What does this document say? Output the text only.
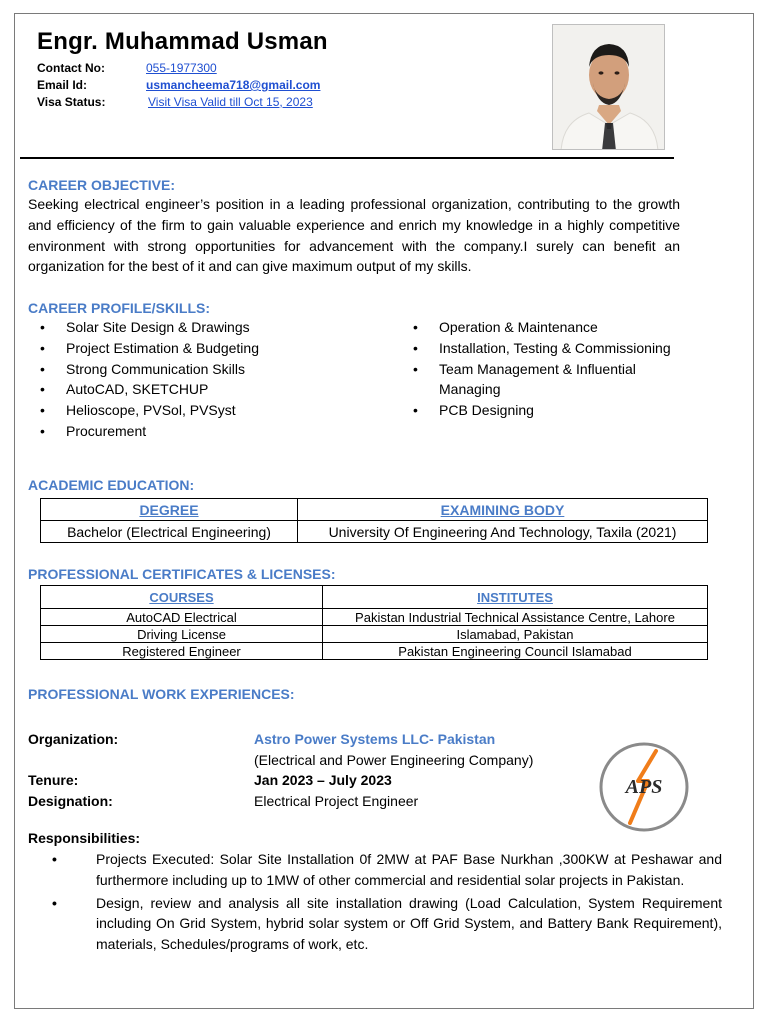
Engr. Muhammad Usman
Contact No:	055-1977300
Email Id:	usmancheema718@gmail.com
Visa Status:	Visit Visa Valid till Oct 15, 2023
CAREER OBJECTIVE:
Seeking electrical engineer’s position in a leading professional organization, contributing to the growth and efficiency of the firm to gain valuable experience and enrich my knowledge in a highly competitive environment with strong opportunities for advancement with the company.I surely can benefit an organization for the best of it and can give maximum output of my skills.
CAREER PROFILE/SKILLS:
• Solar Site Design & Drawings
• Project Estimation & Budgeting
• Strong Communication Skills
• AutoCAD, SKETCHUP
• Helioscope, PVSol, PVSyst
• Procurement
• Operation & Maintenance
• Installation, Testing & Commissioning
• Team Management & Influential Managing
• PCB Designing
ACADEMIC EDUCATION:
DEGREE	EXAMINING BODY
Bachelor (Electrical Engineering)	University Of Engineering And Technology, Taxila (2021)
PROFESSIONAL CERTIFICATES & LICENSES:
COURSES	INSTITUTES
AutoCAD Electrical	Pakistan Industrial Technical Assistance Centre, Lahore
Driving License	Islamabad, Pakistan
Registered Engineer	Pakistan Engineering Council Islamabad
PROFESSIONAL WORK EXPERIENCES:
Organization:	Astro Power Systems LLC- Pakistan
(Electrical and Power Engineering Company)
Tenure:	Jan 2023 – July 2023
Designation:	Electrical Project Engineer
APS
Responsibilities:
• Projects Executed: Solar Site Installation 0f 2MW at PAF Base Nurkhan ,300KW at Peshawar and furthermore including up to 1MW of other commercial and residential solar projects in Pakistan.
• Design, review and analysis all site installation drawing (Load Calculation, System Requirement including On Grid System, hybrid solar system or Off Grid System, and Battery Bank Requirement), materials, Schedules/programs of work, etc.
